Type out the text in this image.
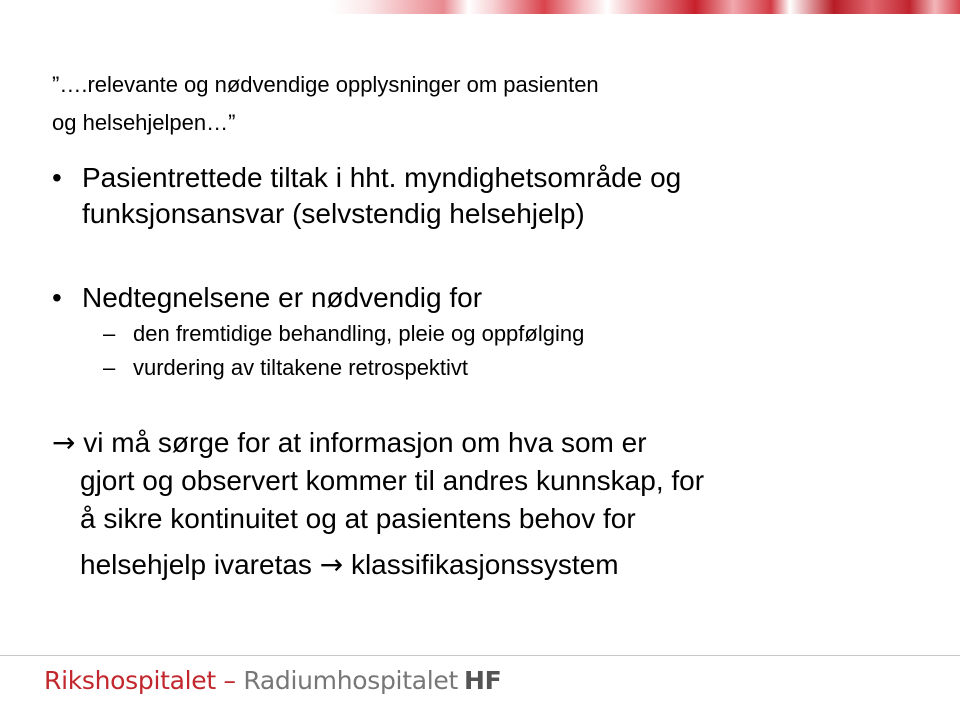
”….relevante og nødvendige opplysninger om pasienten
og helsehjelpen…”
• Pasientrettede tiltak i hht. myndighetsområde og
funksjonsansvar (selvstendig helsehjelp)
• Nedtegnelsene er nødvendig for
– den fremtidige behandling, pleie og oppfølging
– vurdering av tiltakene retrospektivt
→ vi må sørge for at informasjon om hva som er
gjort og observert kommer til andres kunnskap, for
å sikre kontinuitet og at pasientens behov for
helsehjelp ivaretas → klassifikasjonssystem
Rikshospitalet – Radiumhospitalet HF
